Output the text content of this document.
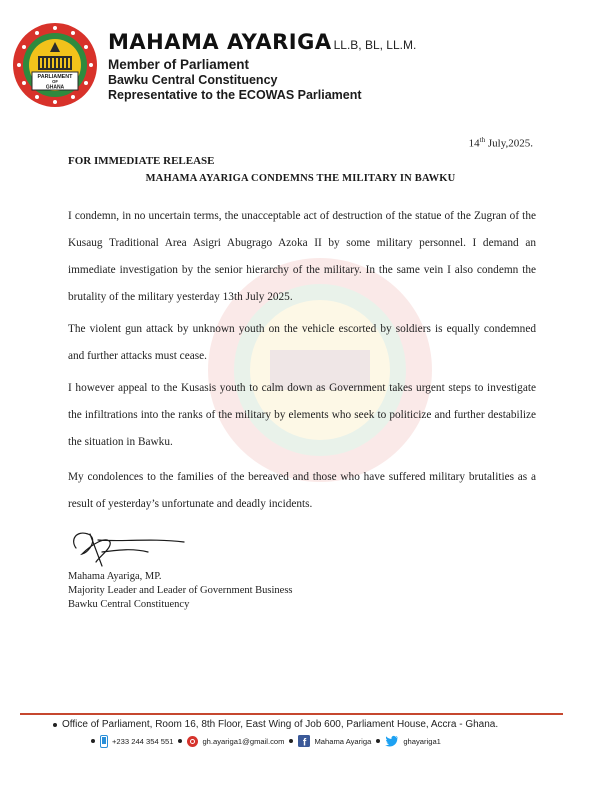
PARLIAMENT
OF
GHANA
MAHAMA AYARIGA LL.B, BL, LL.M.
Member of Parliament
Bawku Central Constituency
Representative to the ECOWAS Parliament
14th July,2025.
FOR IMMEDIATE RELEASE
MAHAMA AYARIGA CONDEMNS THE MILITARY IN BAWKU
I condemn, in no uncertain terms, the unacceptable act of destruction of the statue of the Zugran of the Kusaug Traditional Area Asigri Abugrago Azoka II by some military personnel. I demand an immediate investigation by the senior hierarchy of the military. In the same vein I also condemn the brutality of the military yesterday 13th July 2025.
The violent gun attack by unknown youth on the vehicle escorted by soldiers is equally condemned and further attacks must cease.
I however appeal to the Kusasis youth to calm down as Government takes urgent steps to investigate the infiltrations into the ranks of the military by elements who seek to politicize and further destabilize the situation in Bawku.
My condolences to the families of the bereaved and those who have suffered military brutalities as a result of yesterday’s unfortunate and deadly incidents.
Mahama Ayariga, MP.
Majority Leader and Leader of Government Business
Bawku Central Constituency
Office of Parliament, Room 16, 8th Floor, East Wing of Job 600, Parliament House, Accra - Ghana.
+233 244 354 551	gh.ayariga1@gmail.com f Mahama Ayariga	ghayariga1
